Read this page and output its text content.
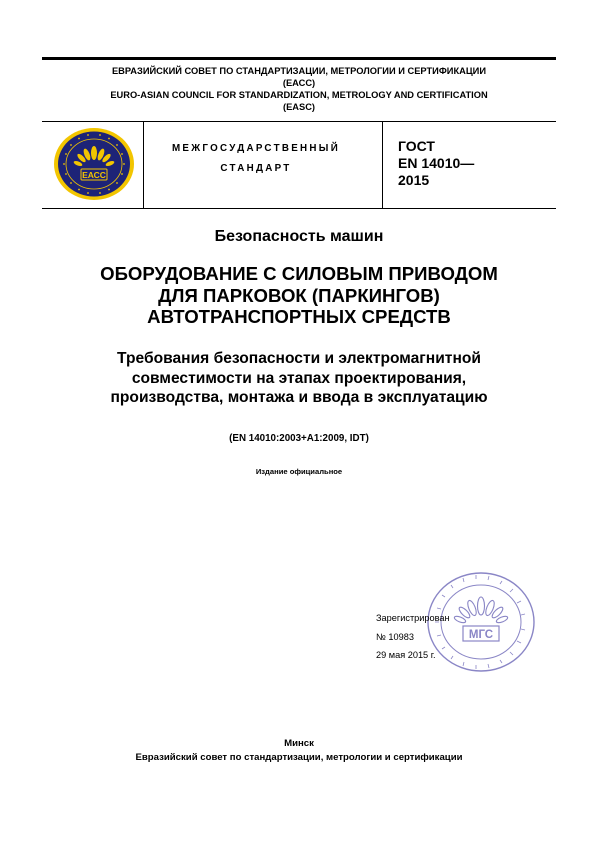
ЕВРАЗИЙСКИЙ СОВЕТ ПО СТАНДАРТИЗАЦИИ, МЕТРОЛОГИИ И СЕРТИФИКАЦИИ
(ЕАСС)
EURO-ASIAN COUNCIL FOR STANDARDIZATION, METROLOGY AND CERTIFICATION
(EASC)
ЕАСС
МЕЖГОСУДАРСТВЕННЫЙ
СТАНДАРТ
ГОСТ
EN 14010—
2015
Безопасность машин
ОБОРУДОВАНИЕ С СИЛОВЫМ ПРИВОДОМ
ДЛЯ ПАРКОВОК (ПАРКИНГОВ)
АВТОТРАНСПОРТНЫХ СРЕДСТВ
Требования безопасности и электромагнитной
совместимости на этапах проектирования,
производства, монтажа и ввода в эксплуатацию
(EN 14010:2003+A1:2009, IDT)
Издание официальное
МГС
Зарегистрирован
№ 10983
29 мая 2015 г.
Минск
Евразийский совет по стандартизации, метрологии и сертификации
